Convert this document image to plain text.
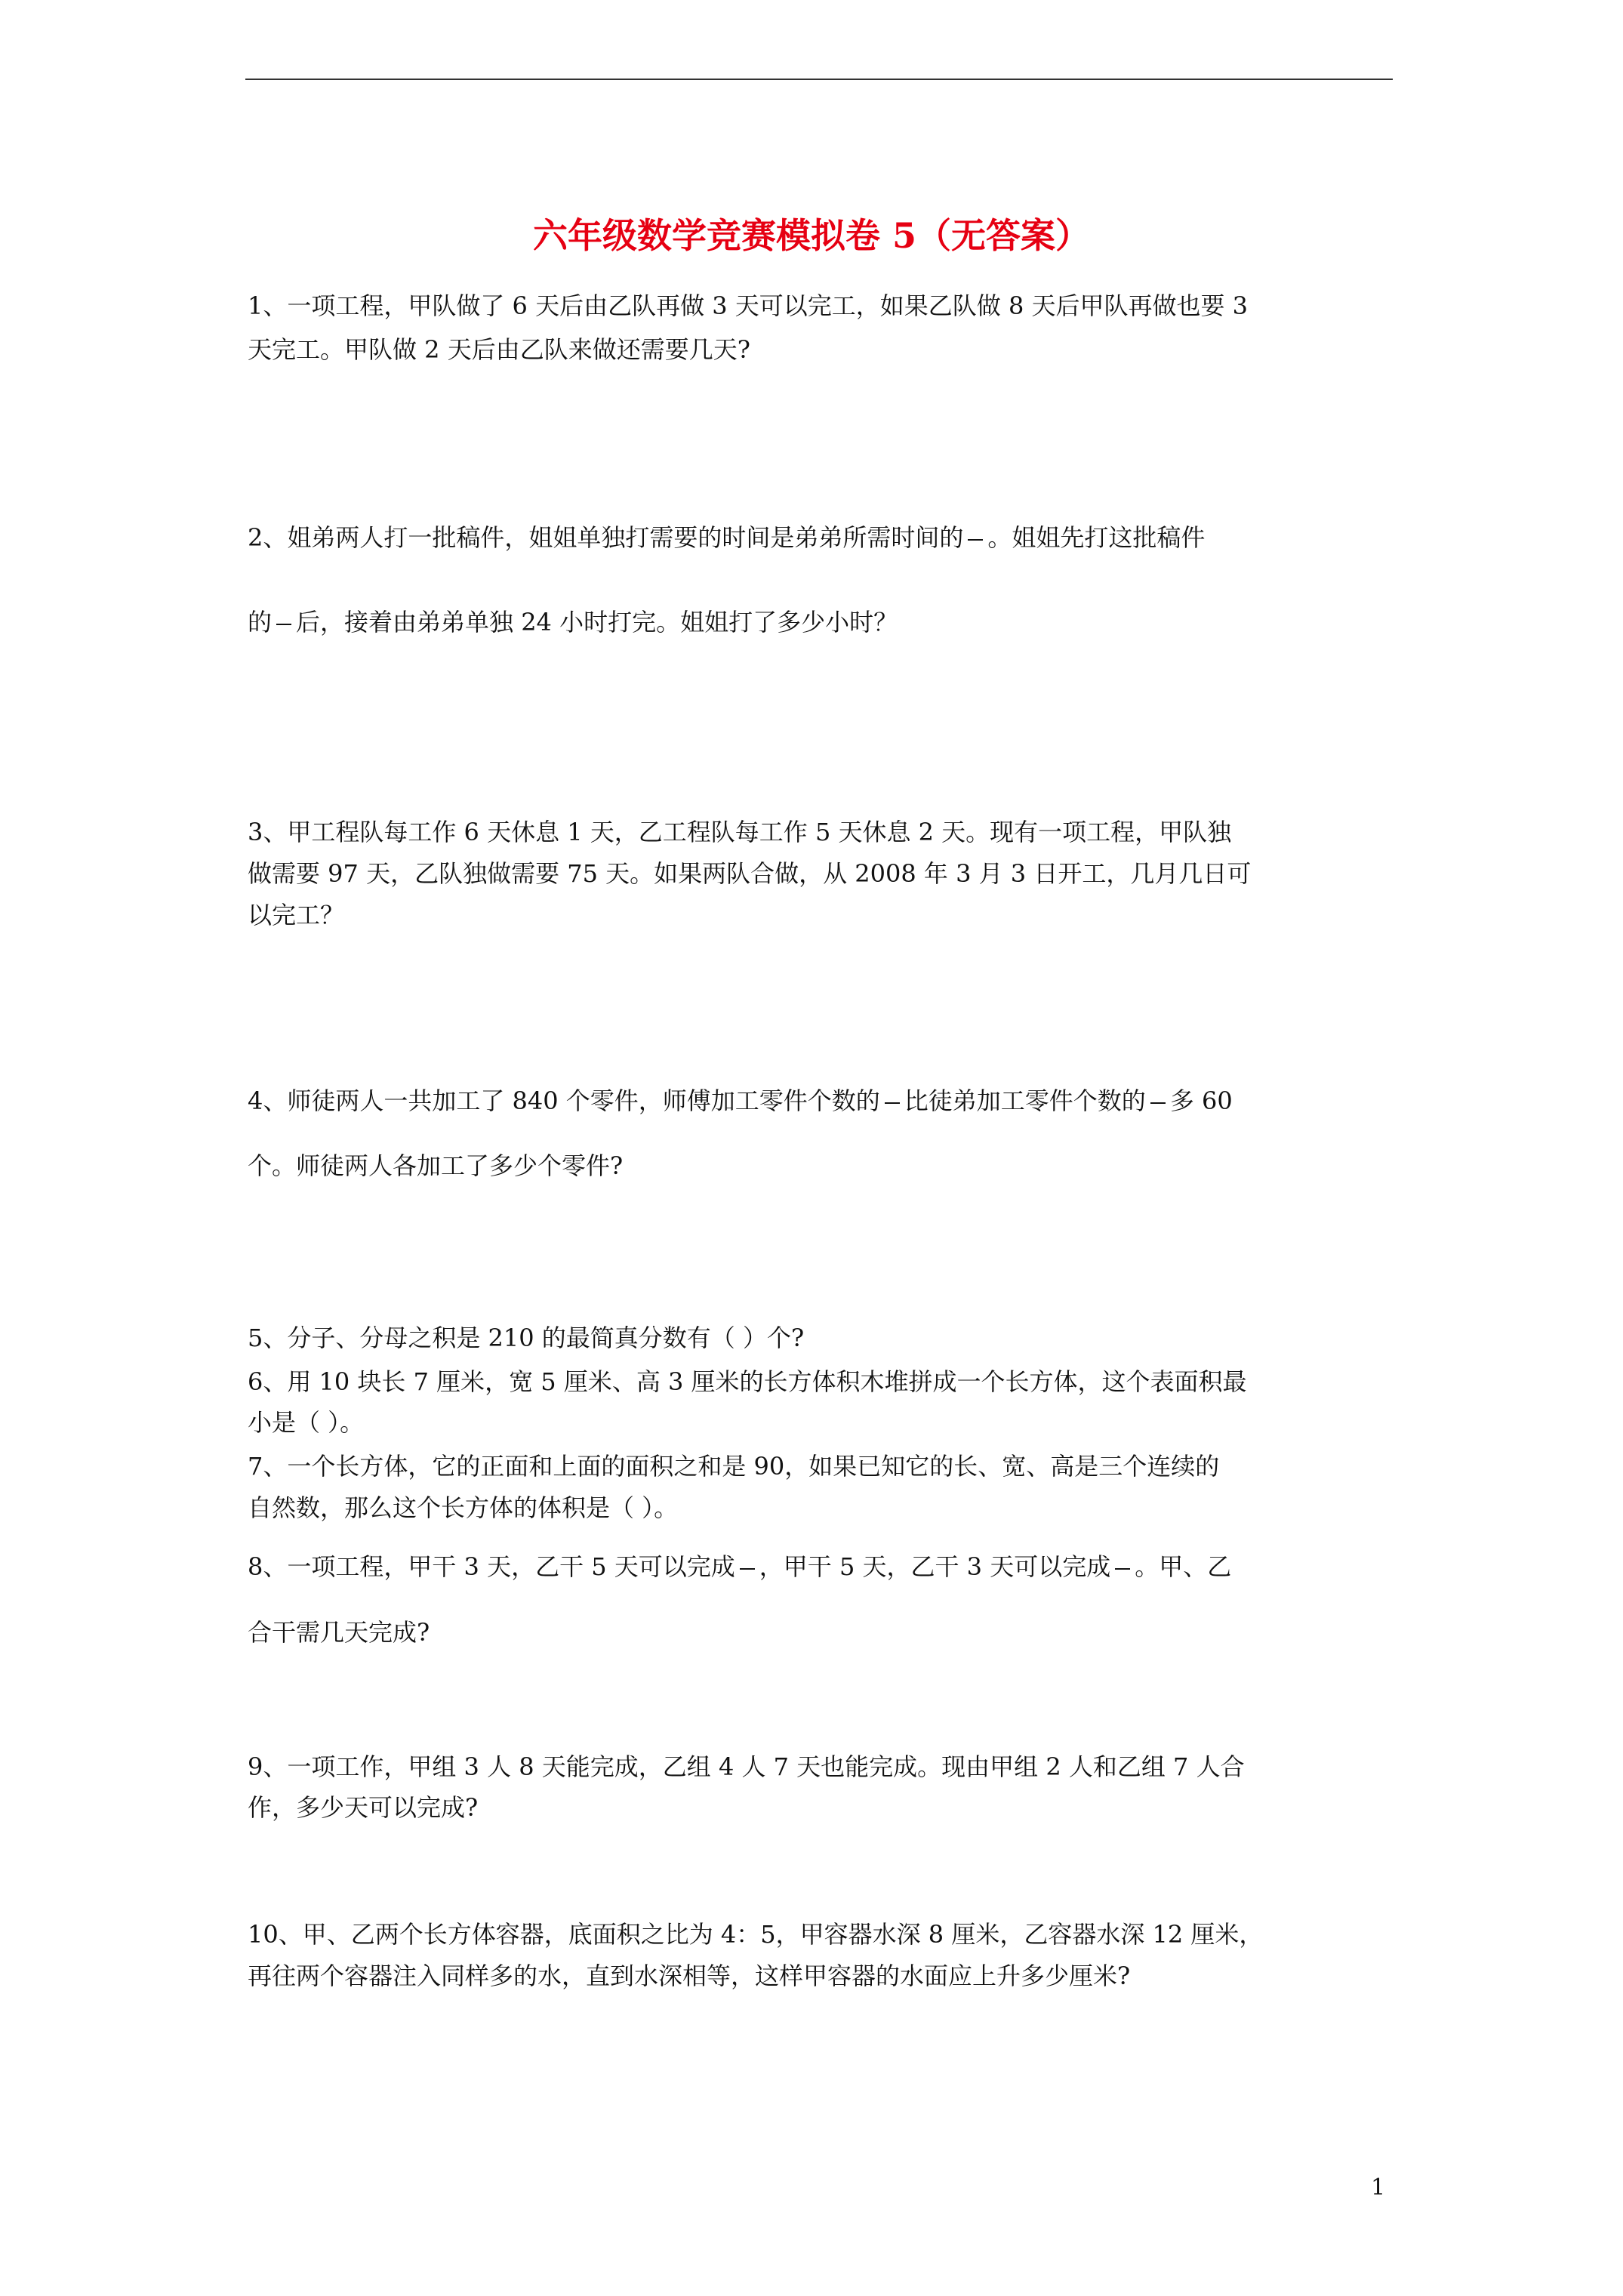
六年级数学竞赛模拟卷 5（无答案）
1、一项工程，甲队做了 6 天后由乙队再做 3 天可以完工，如果乙队做 8 天后甲队再做也要 3
天完工。甲队做 2 天后由乙队来做还需要几天?
2、姐弟两人打一批稿件，姐姐单独打需要的时间是弟弟所需时间的 。姐姐先打这批稿件
的 后，接着由弟弟单独 24 小时打完。姐姐打了多少小时？
3、甲工程队每工作 6 天休息 1 天，乙工程队每工作 5 天休息 2 天。现有一项工程，甲队独
做需要 97 天，乙队独做需要 75 天。如果两队合做，从 2008 年 3 月 3 日开工，几月几日可
以完工？
4、师徒两人一共加工了 840 个零件，师傅加工零件个数的 比徒弟加工零件个数的 多 60
个。师徒两人各加工了多少个零件?
5、分子、分母之积是 210 的最简真分数有（ ）个?
6、用 10 块长 7 厘米，宽 5 厘米、高 3 厘米的长方体积木堆拼成一个长方体，这个表面积最
小是（ ）。
7、一个长方体，它的正面和上面的面积之和是 90，如果已知它的长、宽、高是三个连续的
自然数，那么这个长方体的体积是（ ）。
8、一项工程，甲干 3 天，乙干 5 天可以完成 ，甲干 5 天，乙干 3 天可以完成 。甲、乙
合干需几天完成?
9、一项工作，甲组 3 人 8 天能完成，乙组 4 人 7 天也能完成。现由甲组 2 人和乙组 7 人合
作，多少天可以完成?
10、甲、乙两个长方体容器，底面积之比为 4：5，甲容器水深 8 厘米，乙容器水深 12 厘米，
再往两个容器注入同样多的水，直到水深相等，这样甲容器的水面应上升多少厘米?
1
